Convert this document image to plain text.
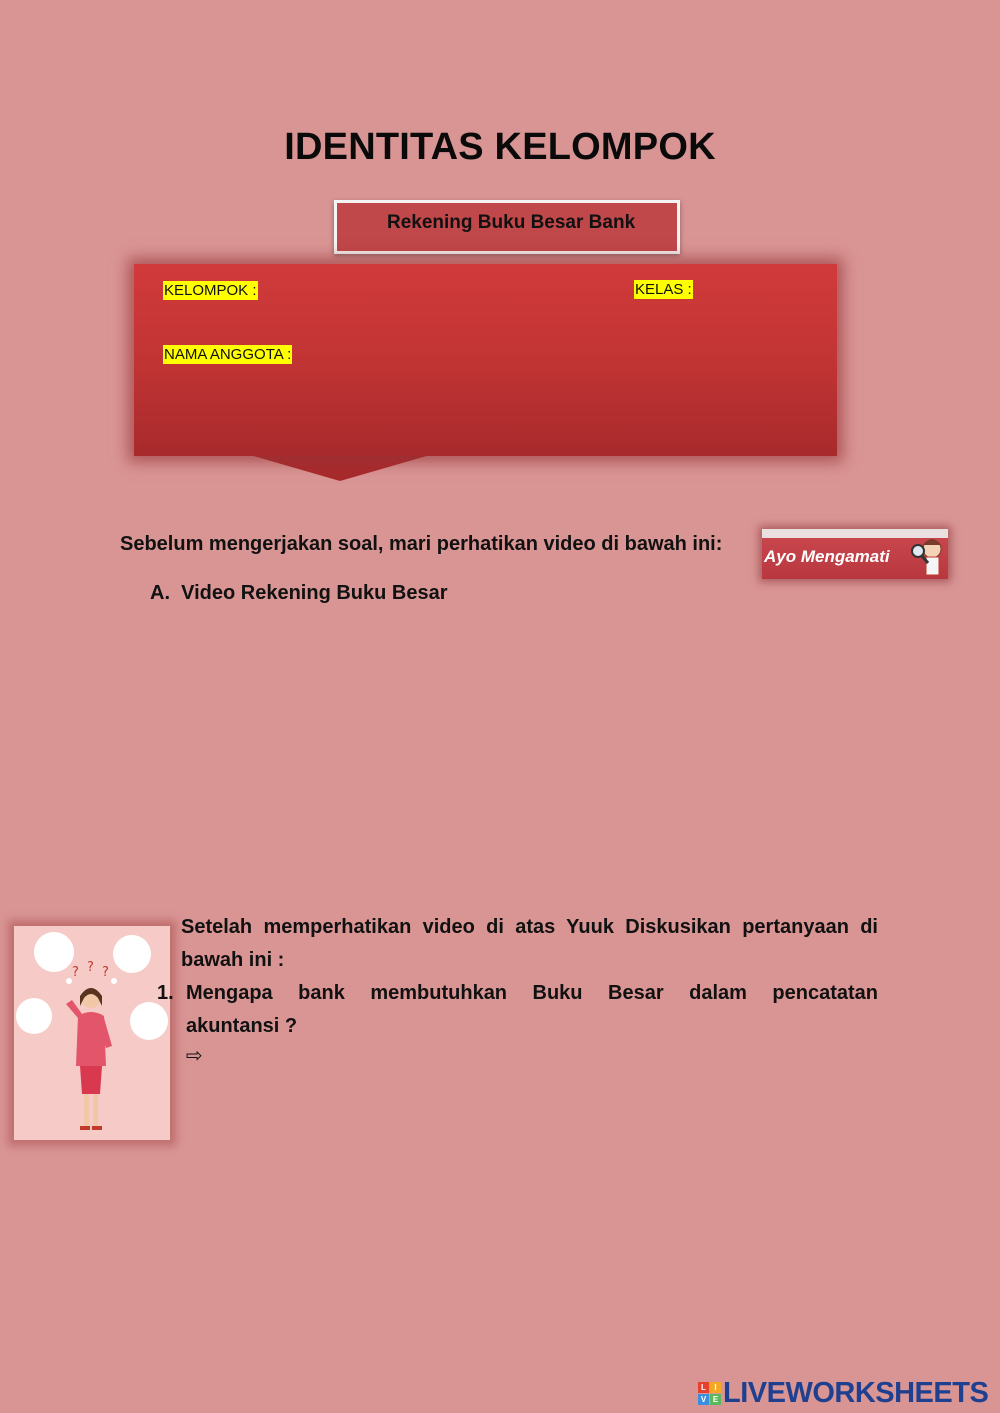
IDENTITAS KELOMPOK
Rekening Buku Besar Bank
KELOMPOK :	KELAS :
NAMA ANGGOTA :
Sebelum mengerjakan soal, mari perhatikan video di bawah ini:
Ayo Mengamati
A. Video Rekening Buku Besar
? ? ?
Setelah memperhatikan video di atas Yuuk Diskusikan pertanyaan di bawah ini :
1. Mengapa bank membutuhkan Buku Besar dalam pencatatan
akuntansi ?
⇨
L	I
V E LIVEWORKSHEETS
